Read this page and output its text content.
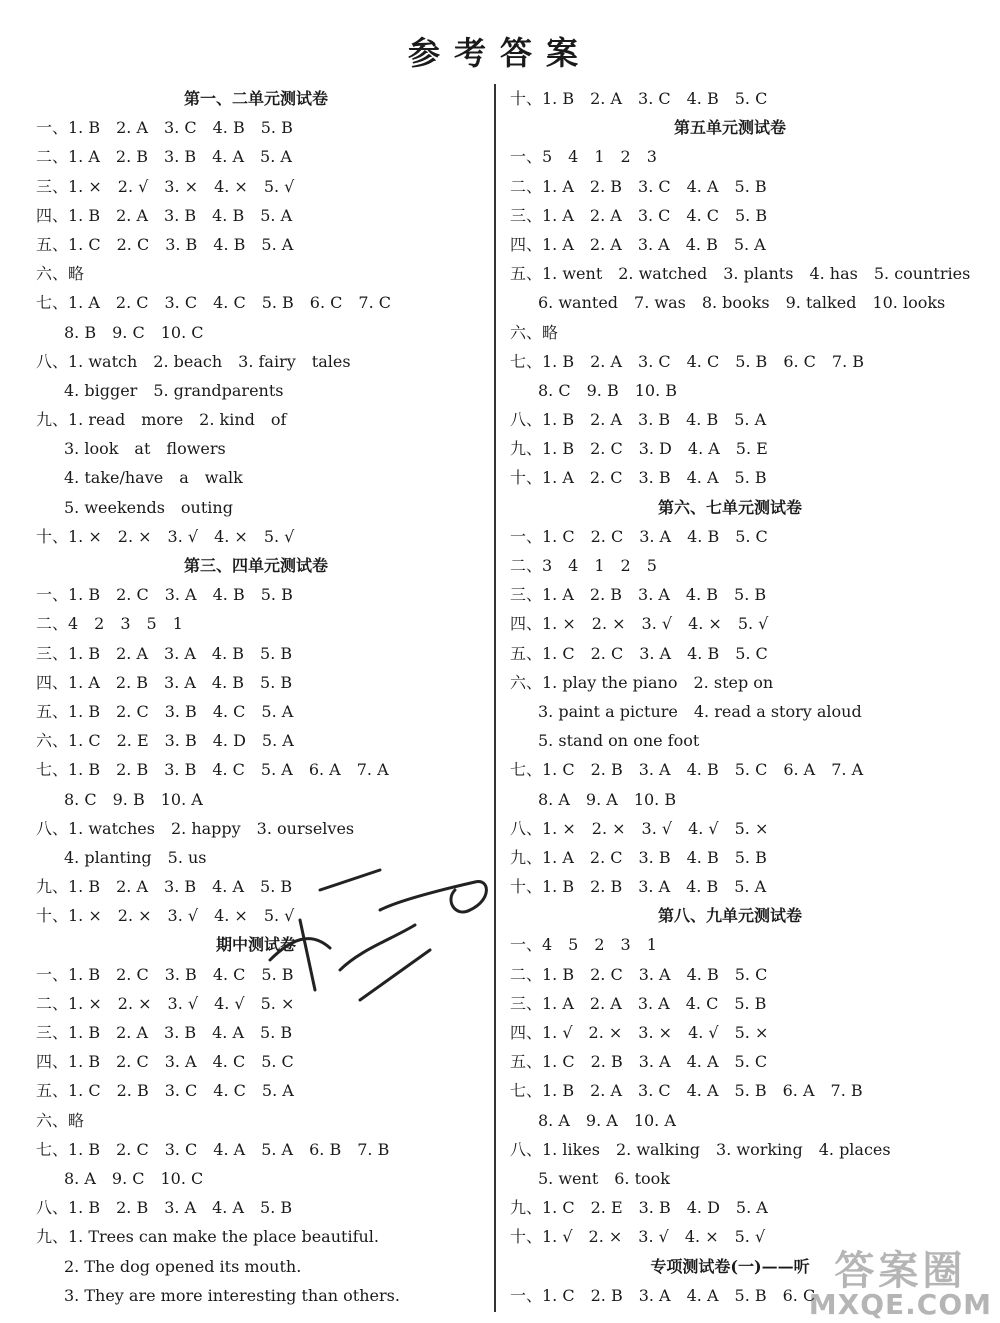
参考答案
第一、二单元测试卷
一、1. B　2. A　3. C　4. B　5. B
二、1. A　2. B　3. B　4. A　5. A
三、1. ×　2. √　3. ×　4. ×　5. √
四、1. B　2. A　3. B　4. B　5. A
五、1. C　2. C　3. B　4. B　5. A
六、略
七、1. A　2. C　3. C　4. C　5. B　6. C　7. C
8. B　9. C　10. C
八、1. watch　2. beach　3. fairy　tales
4. bigger　5. grandparents
九、1. read　more　2. kind　of
3. look　at　flowers
4. take/have　a　walk
5. weekends　outing
十、1. ×　2. ×　3. √　4. ×　5. √
第三、四单元测试卷
一、1. B　2. C　3. A　4. B　5. B
二、4　2　3　5　1
三、1. B　2. A　3. A　4. B　5. B
四、1. A　2. B　3. A　4. B　5. B
五、1. B　2. C　3. B　4. C　5. A
六、1. C　2. E　3. B　4. D　5. A
七、1. B　2. B　3. B　4. C　5. A　6. A　7. A
8. C　9. B　10. A
八、1. watches　2. happy　3. ourselves
4. planting　5. us
九、1. B　2. A　3. B　4. A　5. B
十、1. ×　2. ×　3. √　4. ×　5. √
期中测试卷
一、1. B　2. C　3. B　4. C　5. B
二、1. ×　2. ×　3. √　4. √　5. ×
三、1. B　2. A　3. B　4. A　5. B
四、1. B　2. C　3. A　4. C　5. C
五、1. C　2. B　3. C　4. C　5. A
六、略
七、1. B　2. C　3. C　4. A　5. A　6. B　7. B
8. A　9. C　10. C
八、1. B　2. B　3. A　4. A　5. B
九、1. Trees can make the place beautiful.
2. The dog opened its mouth.
3. They are more interesting than others.
十、1. B　2. A　3. C　4. B　5. C
第五单元测试卷
一、5　4　1　2　3
二、1. A　2. B　3. C　4. A　5. B
三、1. A　2. A　3. C　4. C　5. B
四、1. A　2. A　3. A　4. B　5. A
五、1. went　2. watched　3. plants　4. has　5. countries
6. wanted　7. was　8. books　9. talked　10. looks
六、略
七、1. B　2. A　3. C　4. C　5. B　6. C　7. B
8. C　9. B　10. B
八、1. B　2. A　3. B　4. B　5. A
九、1. B　2. C　3. D　4. A　5. E
十、1. A　2. C　3. B　4. A　5. B
第六、七单元测试卷
一、1. C　2. C　3. A　4. B　5. C
二、3　4　1　2　5
三、1. A　2. B　3. A　4. B　5. B
四、1. ×　2. ×　3. √　4. ×　5. √
五、1. C　2. C　3. A　4. B　5. C
六、1. play the piano　2. step on
3. paint a picture　4. read a story aloud
5. stand on one foot
七、1. C　2. B　3. A　4. B　5. C　6. A　7. A
8. A　9. A　10. B
八、1. ×　2. ×　3. √　4. √　5. ×
九、1. A　2. C　3. B　4. B　5. B
十、1. B　2. B　3. A　4. B　5. A
第八、九单元测试卷
一、4　5　2　3　1
二、1. B　2. C　3. A　4. B　5. C
三、1. A　2. A　3. A　4. C　5. B
四、1. √　2. ×　3. ×　4. √　5. ×
五、1. C　2. B　3. A　4. A　5. C
七、1. B　2. A　3. C　4. A　5. B　6. A　7. B
8. A　9. A　10. A
八、1. likes　2. walking　3. working　4. places
5. went　6. took
九、1. C　2. E　3. B　4. D　5. A
十、1. √　2. ×　3. √　4. ×　5. √
专项测试卷(一)——听
一、1. C　2. B　3. A　4. A　5. B　6. C
答案圈
MXQE.COM
